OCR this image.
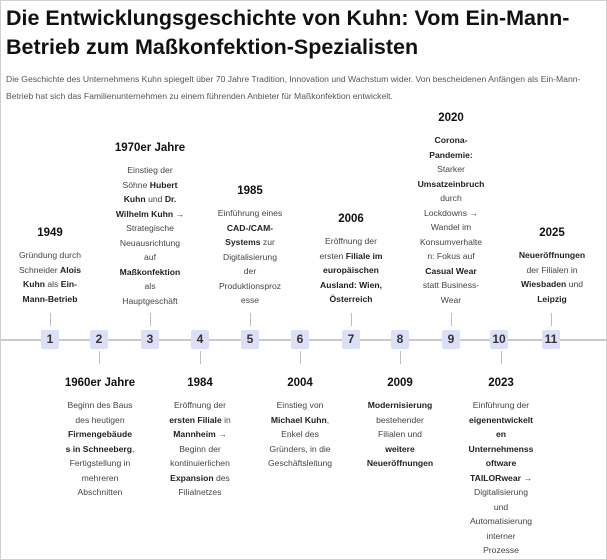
Die Entwicklungsgeschichte von Kuhn: Vom Ein-Mann-Betrieb zum Maßkonfektion-Spezialisten

Die Geschichte des Unternehmens Kuhn spiegelt über 70 Jahre Tradition, Innovation und Wachstum wider. Von bescheidenen Anfängen als Ein-Mann-Betrieb hat sich das Familienunternehmen zu einem führenden Anbieter für Maßkonfektion entwickelt.

1	2	3	4	5	6	7	8	9	10	11
1949
Gründung durch
Schneider Alois
Kuhn als Ein-
Mann-Betrieb
1960er Jahre
Beginn des Baus
des heutigen
Firmengebäude
s in Schneeberg,
Fertigstellung in
mehreren
Abschnitten
1970er Jahre
Einstieg der
Söhne Hubert
Kuhn und Dr.
Wilhelm Kuhn →
Strategische
Neuausrichtung
auf
Maßkonfektion
als
Hauptgeschäft
1984
Eröffnung der
ersten Filiale in
Mannheim →
Beginn der
kontinuierlichen
Expansion des
Filialnetzes
1985
Einführung eines
CAD-/CAM-
Systems zur
Digitalisierung
der
Produktionsproz
esse
2004
Einstieg von
Michael Kuhn,
Enkel des
Gründers, in die
Geschäftsleitung
2006
Eröffnung der
ersten Filiale im
europäischen
Ausland: Wien,
Österreich
2009
Modernisierung
bestehender
Filialen und
weitere
Neueröffnungen
2020
Corona-
Pandemie:
Starker
Umsatzeinbruch
durch
Lockdowns →
Wandel im
Konsumverhalte
n: Fokus auf
Casual Wear
statt Business-
Wear
2023
Einführung der
eigenentwickelt
en
Unternehmenss
oftware
TAILORwear →
Digitalisierung
und
Automatisierung
interner
Prozesse
2025
Neueröffnungen
der Filialen in
Wiesbaden und
Leipzig
